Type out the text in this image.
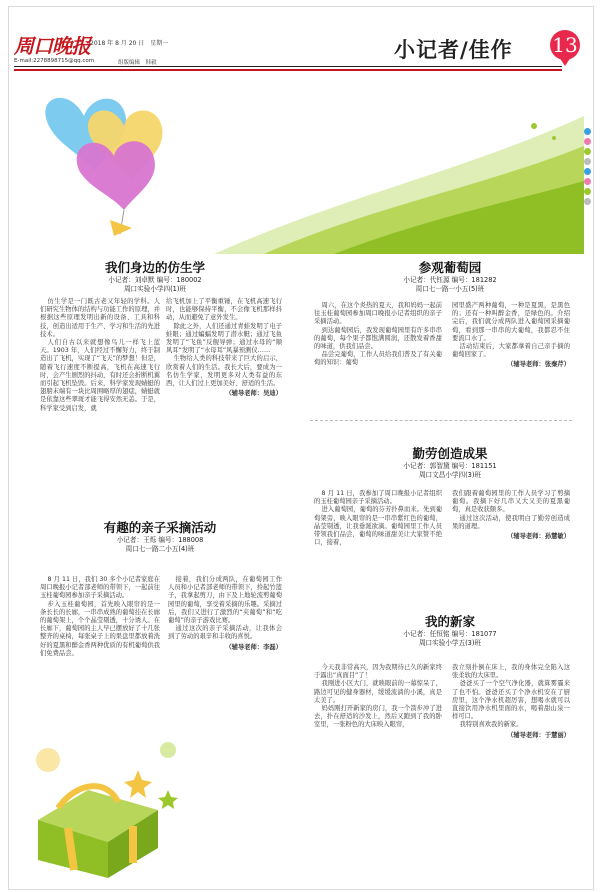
周口晚报 2018 年 8 月 20 日　星期一
E-mail:2278898715@qq.com	组版编辑　韩毅
小记者/佳作 13
我们身边的仿生学
小记者：刘卓默 编号：180002
周口实验小学四(1)班

仿生学是一门既古老又年轻的学科。人们研究生物体的结构与功能工作的原理，并根据这些原理发明出新的设备、工具和科技，创造出适用于生产、学习和生活的先进技术。

人们自古以来就想像鸟儿一样飞上蓝天。1903 年，人们经过不懈努力，终于制造出了飞机，实现了“飞天”的梦想！但是，随着飞行速度不断提高，飞机在高速飞行时，会产生剧烈的抖动，有时还会折断机翼而引起飞机坠毁。后来，科学家发现蜻蜓的翅膀末端有一块比周围略厚的翅痣，蜻蜓就是依靠这些翠斑才能飞得安然无恙。于是，科学家受到启发，就

给飞机加上了平衡重锤，在飞机高速飞行时，也能够保持平衡，不会像飞机那样抖动，从而避免了意外发生。

除此之外，人们还通过青蛙发明了电子蛙眼；通过蝙蝠发明了潜水艇；通过飞鱼发明了“飞鱼”反舰导弹；通过水母的“顺风耳”发明了“水母耳”风暴预测仪……

生物给人类的科技带来了巨大的启示，欣赏着人们的生活。我长大后，要成为一名仿生学家，发明更多对人类有益的东西，让人们过上更加美好、舒适的生活。

（辅导老师：吴迪）
参观葡萄园
小记者：代钰源 编号：181282
周口七一路一小五(5)班

周六，在这个炎热的夏天，我和妈妈一起前往玉桂葡萄园参加周口晚报小记者组织的亲子采摘活动。

到达葡萄园后，我发现葡萄园里有许多串串的葡萄，每个果子都饱满圆润，还散发着香甜的味道，供我们品尝。

品尝完葡萄，工作人员给我们普及了有关葡萄的知识：葡萄

园里盛产两种葡萄，一种是夏黑，是黑色的；还有一种叫醉金香，是绿色的。介绍完后，我们就分成两队进入葡萄园采摘葡萄，看到那一串串的大葡萄，我都忍不住要流口水了。

活动结束后，大家都拿着自己亲手摘的葡萄回家了。

（辅导老师：张秦芹）
勤劳创造成果
小记者：郭智黛 编号：181151
周口文昌小学四(3)班

8 月 11 日，我参加了周口晚报小记者组织的玉桂葡萄园亲子采摘活动。

进入葡萄园，葡萄的芬芳扑鼻而来。先到葡萄架旁，映入眼帘的是一串串紫红色的葡萄，晶莹剔透，让我垂涎欲滴。葡萄园里工作人员带领我们品尝，葡萄的味道甜美让大家赞不绝口，接着，

我们跟着葡萄园里的工作人员学习了剪摘葡萄。我摘下好几串又大又美的夏黑葡萄，真是收获颇多。

通过这次活动，使我明白了勤劳创造成果的道理。

（辅导老师：孙慧敏）
有趣的亲子采摘活动
小记者：王烁 编号：188008
周口七一路二小五(4)班

8 月 11 日，我们 30 多个小记者家庭在周口晚报小记者部老师的带领下，一起前往玉桂葡萄园参加亲子采摘活动。

步入玉桂葡萄园，首先映入眼帘的是一条长长的长廊，一串串成熟的葡萄挂在长廊的葡萄架上，个个晶莹剔透，十分诱人。在长廊下，葡萄园的主人早已摆放好了十几张整齐的桌椅，每张桌子上的果盘里都放着洗好的夏黑和醉金香两种优质的有机葡萄供我们免费品尝。

接着，我们分成两队，在葡萄园工作人员和小记者部老师的带领下，拎起竹篮子，我拿起剪刀，由下及上地轮流剪葡萄园里的葡萄，享受着采摘的乐趣。采摘过后，我们又进行了激烈的“夹葡萄”和“吃葡萄”的亲子游戏比赛。

通过这次的亲子采摘活动，让我体会到了劳动的艰辛和丰收的喜悦。

（辅导老师：李磊）
我的新家
小记者：任恒铭 编号：181077
周口实验小学五(3)班

今天我非常高兴，因为我期待已久的新家终于露出“真面目”了！

我刚进小区大门，就映眼前的一幕惊呆了，路边可见的健身器材，缓缓流淌的小溪，真是太美了。

妈妈刚打开新家的房门，我一个箭步冲了进去，扑在舒适的沙发上，然后又跑到了我的卧室里，一张粉色的大床映入眼帘，

我立刻扑倒在床上，我的身体完全陷入这张柔软的大床里。

爸爸买了一个空气净化器，就算雾霾来了也不怕。爸爸还买了个净水机安在了厨房里，这个净水机超厉害，想喝水就可以直接饮用净水机里面的水，喝着甜山泉一样可口。

我特别喜欢我的新家。

（辅导老师：于慧丽）
